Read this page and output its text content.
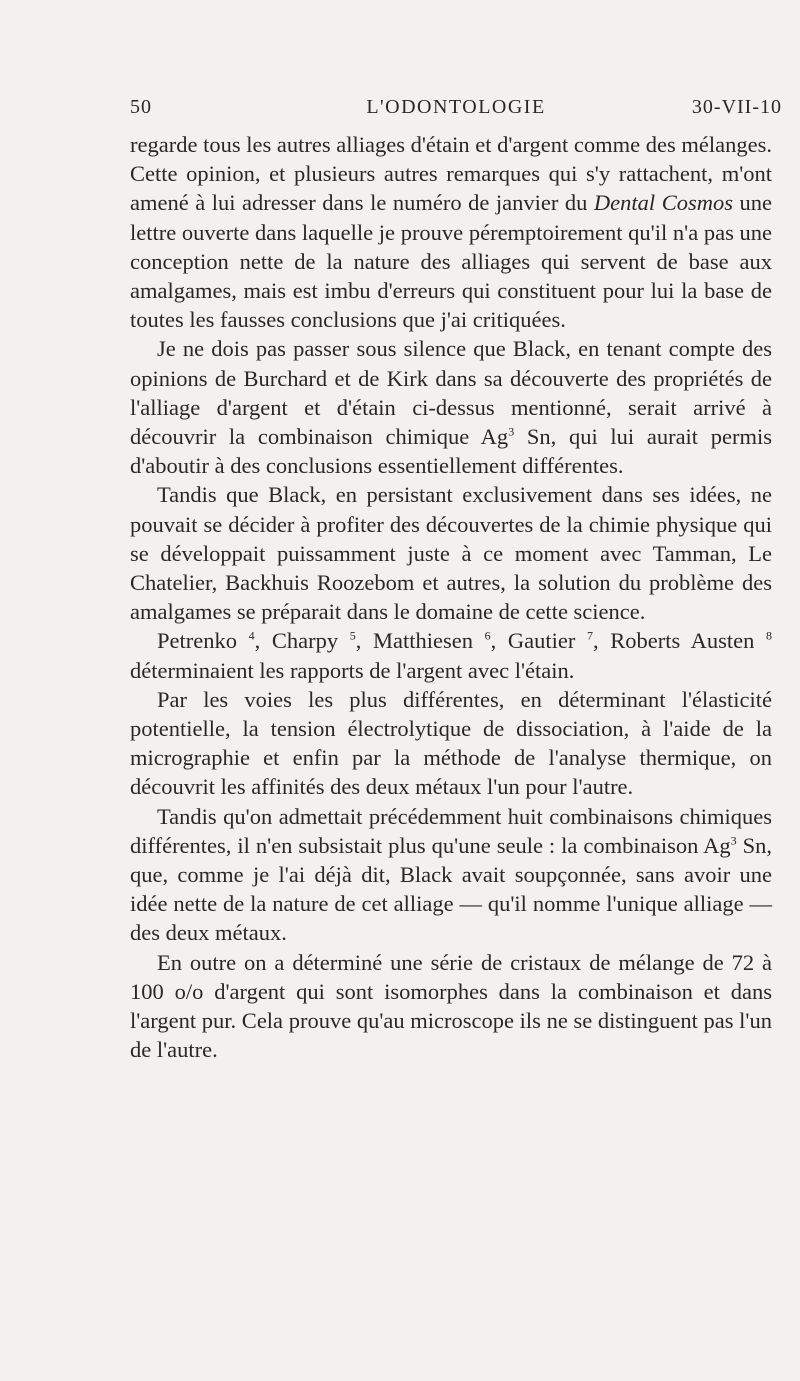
50	L'ODONTOLOGIE	30-VII-10

regarde tous les autres alliages d'étain et d'argent comme des mélanges. Cette opinion, et plusieurs autres remarques qui s'y rattachent, m'ont amené à lui adresser dans le numéro de janvier du Dental Cosmos une lettre ouverte dans laquelle je prouve péremptoirement qu'il n'a pas une conception nette de la nature des alliages qui servent de base aux amalgames, mais est imbu d'erreurs qui constituent pour lui la base de toutes les fausses conclusions que j'ai critiquées.

Je ne dois pas passer sous silence que Black, en tenant compte des opinions de Burchard et de Kirk dans sa découverte des propriétés de l'alliage d'argent et d'étain ci-dessus mentionné, serait arrivé à découvrir la combinaison chimique Ag$^3$ Sn, qui lui aurait permis d'aboutir à des conclusions essentiellement différentes.

Tandis que Black, en persistant exclusivement dans ses idées, ne pouvait se décider à profiter des découvertes de la chimie physique qui se développait puissamment juste à ce moment avec Tamman, Le Chatelier, Backhuis Roozebom et autres, la solution du problème des amalgames se préparait dans le domaine de cette science.

Petrenko $^4$, Charpy $^5$, Matthiesen $^6$, Gautier $^7$, Roberts Austen $^8$ déterminaient les rapports de l'argent avec l'étain.

Par les voies les plus différentes, en déterminant l'élasticité potentielle, la tension électrolytique de dissociation, à l'aide de la micrographie et enfin par la méthode de l'analyse thermique, on découvrit les affinités des deux métaux l'un pour l'autre.

Tandis qu'on admettait précédemment huit combinaisons chimiques différentes, il n'en subsistait plus qu'une seule : la combinaison Ag$^3$ Sn, que, comme je l'ai déjà dit, Black avait soupçonnée, sans avoir une idée nette de la nature de cet alliage — qu'il nomme l'unique alliage — des deux métaux.

En outre on a déterminé une série de cristaux de mélange de 72 à 100 o/o d'argent qui sont isomorphes dans la combinaison et dans l'argent pur. Cela prouve qu'au microscope ils ne se distinguent pas l'un de l'autre.
